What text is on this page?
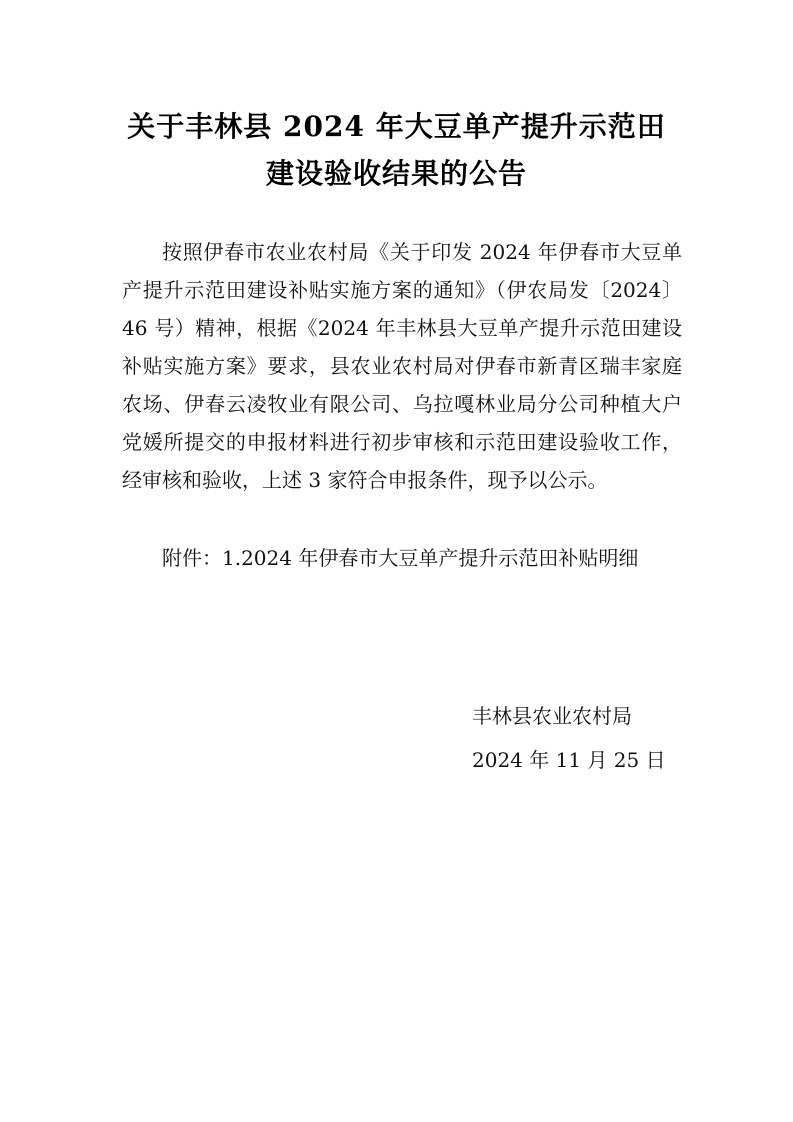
关于丰林县 2024 年大豆单产提升示范田
建设验收结果的公告
按照伊春市农业农村局《关于印发 2024 年伊春市大豆单
产提升示范田建设补贴实施方案的通知》（伊农局发〔2024〕
46 号）精神，根据《2024 年丰林县大豆单产提升示范田建设
补贴实施方案》要求，县农业农村局对伊春市新青区瑞丰家庭
农场、伊春云凌牧业有限公司、乌拉嘎林业局分公司种植大户
党媛所提交的申报材料进行初步审核和示范田建设验收工作，
经审核和验收，上述 3 家符合申报条件，现予以公示。
附件：1.2024 年伊春市大豆单产提升示范田补贴明细
丰林县农业农村局
2024 年 11 月 25 日
